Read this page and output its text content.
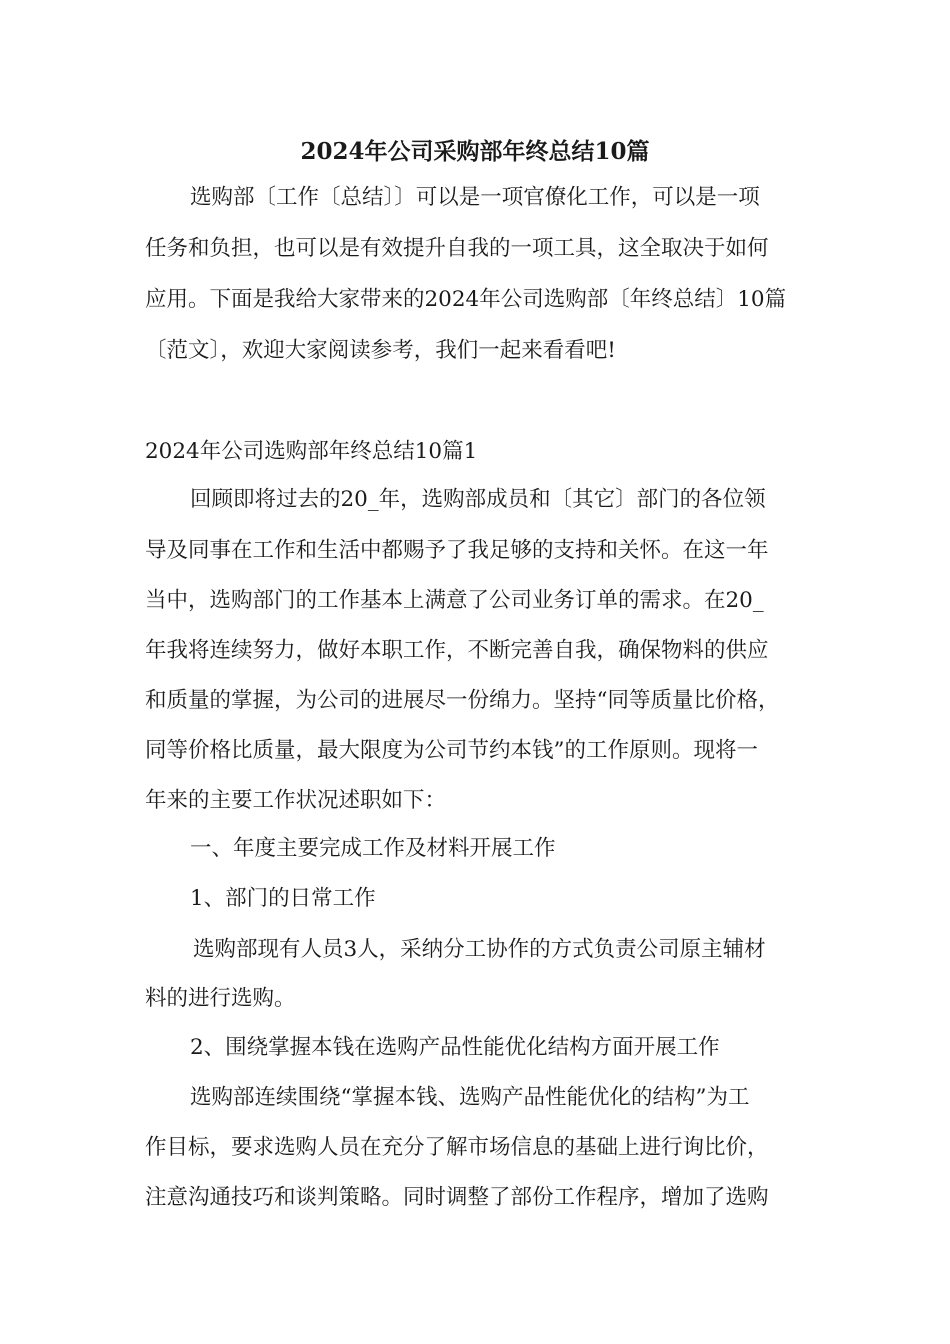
2024年公司采购部年终总结10篇
选购部〔工作〔总结〕〕可以是一项官僚化工作，可以是一项
任务和负担，也可以是有效提升自我的一项工具，这全取决于如何
应用。下面是我给大家带来的2024年公司选购部〔年终总结〕10篇
〔范文〕，欢迎大家阅读参考，我们一起来看看吧!
2024年公司选购部年终总结10篇1
回顾即将过去的20_年，选购部成员和〔其它〕部门的各位领
导及同事在工作和生活中都赐予了我足够的支持和关怀。在这一年
当中，选购部门的工作基本上满意了公司业务订单的需求。在20_
年我将连续努力，做好本职工作，不断完善自我，确保物料的供应
和质量的掌握，为公司的进展尽一份绵力。坚持“同等质量比价格，
同等价格比质量，最大限度为公司节约本钱”的工作原则。现将一
年来的主要工作状况述职如下：
一、年度主要完成工作及材料开展工作
1、部门的日常工作
选购部现有人员3人，采纳分工协作的方式负责公司原主辅材
料的进行选购。
2、围绕掌握本钱在选购产品性能优化结构方面开展工作
选购部连续围绕“掌握本钱、选购产品性能优化的结构”为工
作目标，要求选购人员在充分了解市场信息的基础上进行询比价，
注意沟通技巧和谈判策略。同时调整了部份工作程序，增加了选购
